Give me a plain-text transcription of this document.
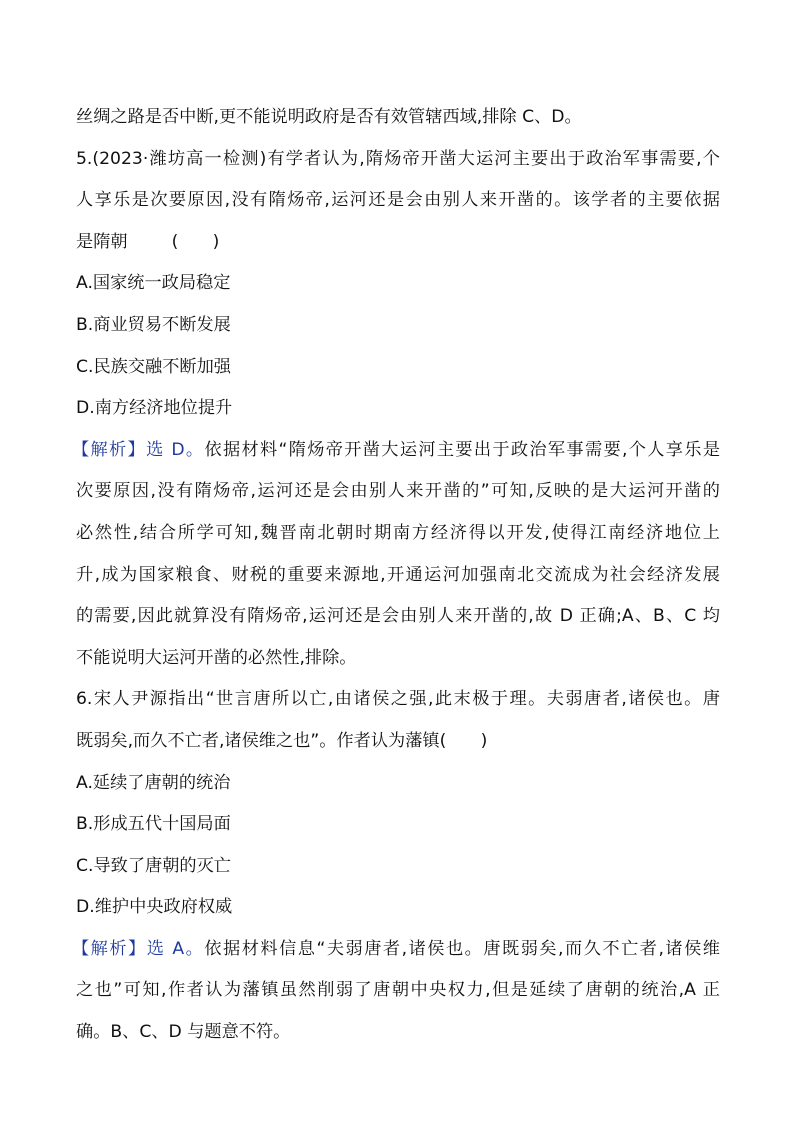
丝绸之路是否中断,更不能说明政府是否有效管辖西域,排除 C、D。
5.(2023·潍坊高一检测)有学者认为,隋炀帝开凿大运河主要出于政治军事需要,个
人享乐是次要原因,没有隋炀帝,运河还是会由别人来开凿的。该学者的主要依据
是隋朝	(　　)
A.国家统一政局稳定
B.商业贸易不断发展
C.民族交融不断加强
D.南方经济地位提升
【解析】选 D。依据材料“隋炀帝开凿大运河主要出于政治军事需要,个人享乐是
次要原因,没有隋炀帝,运河还是会由别人来开凿的”可知,反映的是大运河开凿的
必然性,结合所学可知,魏晋南北朝时期南方经济得以开发,使得江南经济地位上
升,成为国家粮食、财税的重要来源地,开通运河加强南北交流成为社会经济发展
的需要,因此就算没有隋炀帝,运河还是会由别人来开凿的,故 D 正确;A、B、C 均
不能说明大运河开凿的必然性,排除。
6.宋人尹源指出“世言唐所以亡,由诸侯之强,此末极于理。夫弱唐者,诸侯也。唐
既弱矣,而久不亡者,诸侯维之也”。作者认为藩镇(　　)
A.延续了唐朝的统治
B.形成五代十国局面
C.导致了唐朝的灭亡
D.维护中央政府权威
【解析】选 A。依据材料信息“夫弱唐者,诸侯也。唐既弱矣,而久不亡者,诸侯维
之也”可知,作者认为藩镇虽然削弱了唐朝中央权力,但是延续了唐朝的统治,A 正
确。B、C、D 与题意不符。
